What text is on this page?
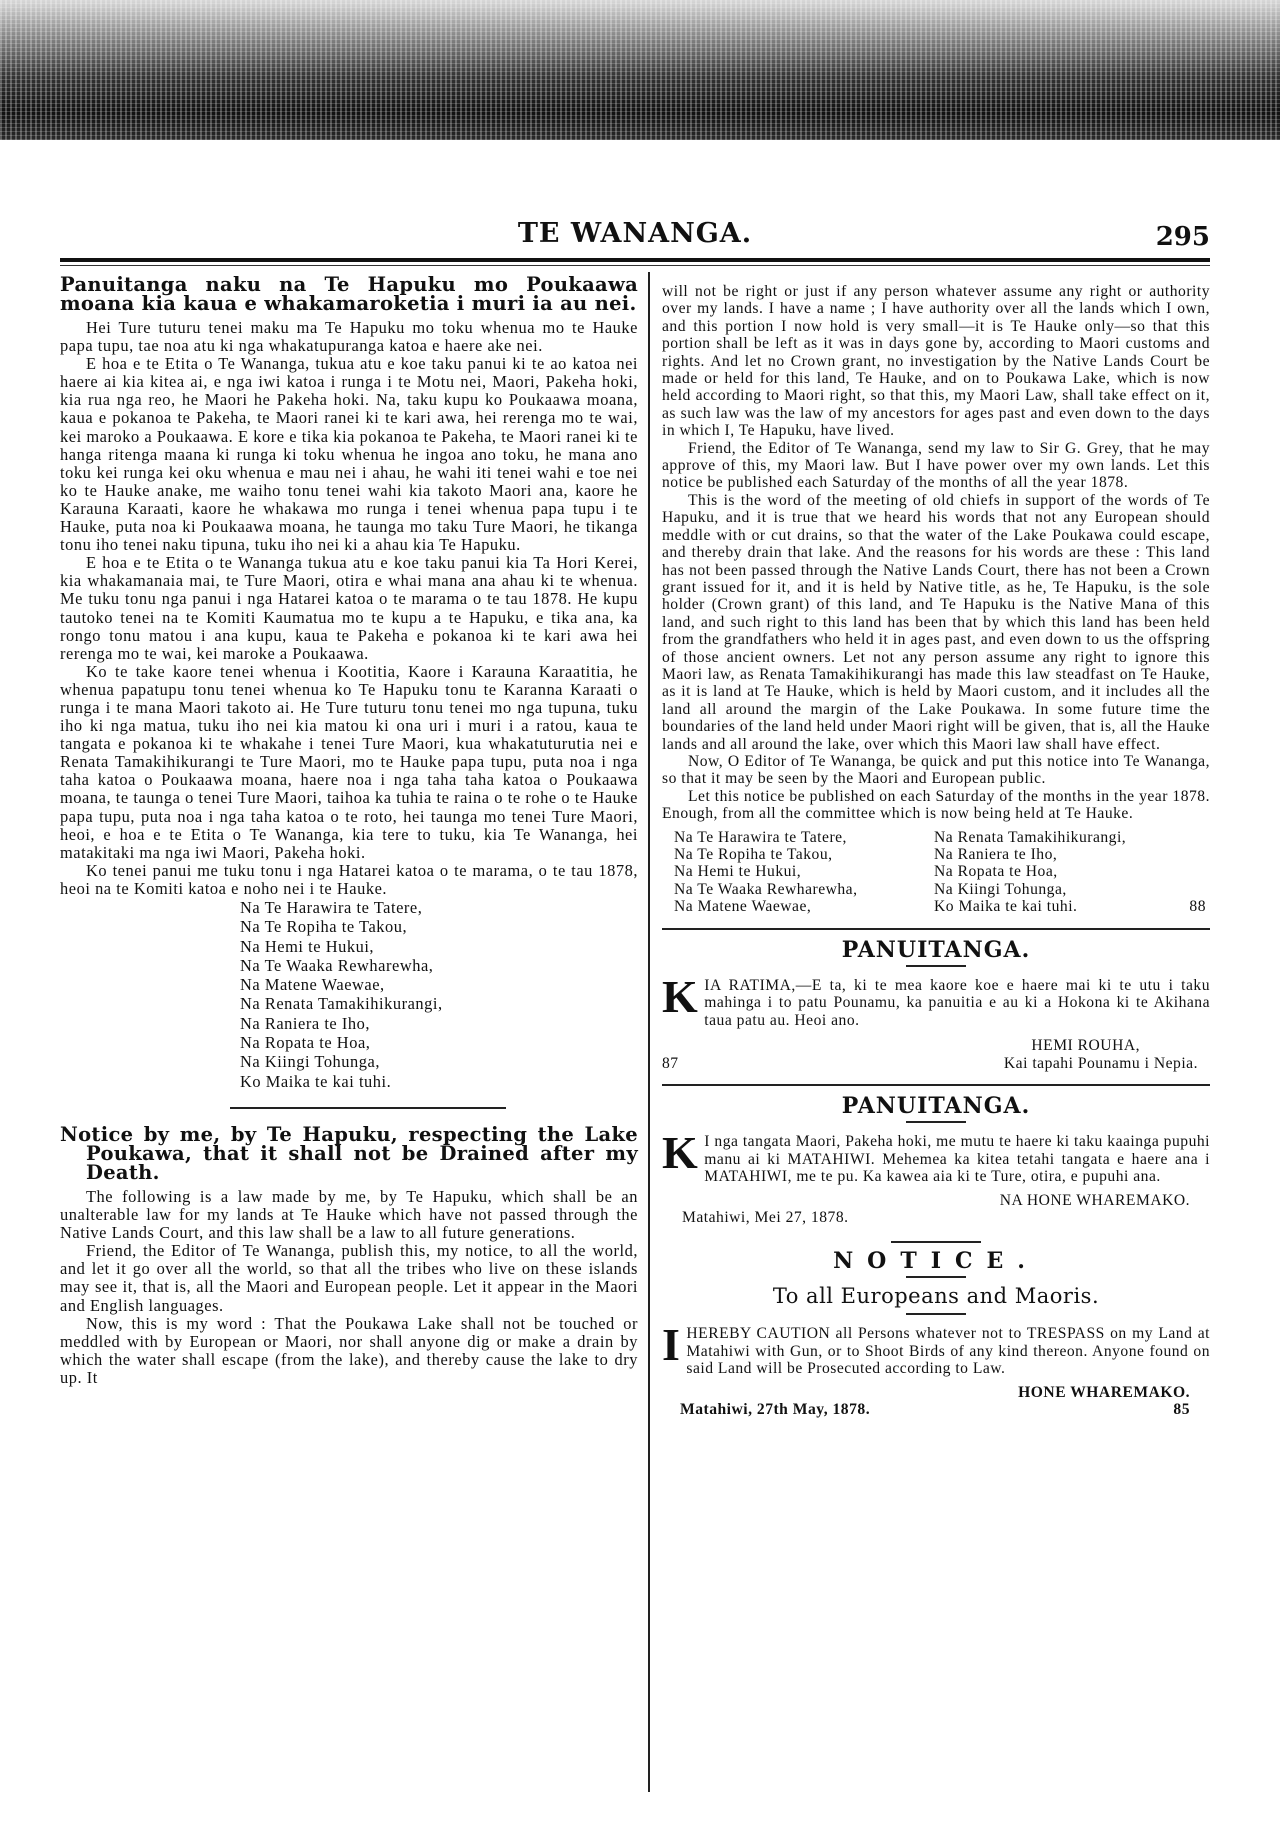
TE WANANGA.	295
Panuitanga naku na Te Hapuku mo Poukaawa moana kia kaua e whakamaroketia i muri ia au nei.

Hei Ture tuturu tenei maku ma Te Hapuku mo toku whenua mo te Hauke papa tupu, tae noa atu ki nga whakatupuranga katoa e haere ake nei.

E hoa e te Etita o Te Wananga, tukua atu e koe taku panui ki te ao katoa nei haere ai kia kitea ai, e nga iwi katoa i runga i te Motu nei, Maori, Pakeha hoki, kia rua nga reo, he Maori he Pakeha hoki. Na, taku kupu ko Poukaawa moana, kaua e pokanoa te Pakeha, te Maori ranei ki te kari awa, hei rerenga mo te wai, kei maroko a Poukaawa. E kore e tika kia pokanoa te Pakeha, te Maori ranei ki te hanga ritenga maana ki runga ki toku whenua he ingoa ano toku, he mana ano toku kei runga kei oku whenua e mau nei i ahau, he wahi iti tenei wahi e toe nei ko te Hauke anake, me waiho tonu tenei wahi kia takoto Maori ana, kaore he Karauna Karaati, kaore he whakawa mo runga i tenei whenua papa tupu i te Hauke, puta noa ki Poukaawa moana, he taunga mo taku Ture Maori, he tikanga tonu iho tenei naku tipuna, tuku iho nei ki a ahau kia Te Hapuku.

E hoa e te Etita o te Wananga tukua atu e koe taku panui kia Ta Hori Kerei, kia whakamanaia mai, te Ture Maori, otira e whai mana ana ahau ki te whenua. Me tuku tonu nga panui i nga Hatarei katoa o te marama o te tau 1878. He kupu tautoko tenei na te Komiti Kaumatua mo te kupu a te Hapuku, e tika ana, ka rongo tonu matou i ana kupu, kaua te Pakeha e pokanoa ki te kari awa hei rerenga mo te wai, kei maroke a Poukaawa.

Ko te take kaore tenei whenua i Kootitia, Kaore i Karauna Karaatitia, he whenua papatupu tonu tenei whenua ko Te Hapuku tonu te Karanna Karaati o runga i te mana Maori takoto ai. He Ture tuturu tonu tenei mo nga tupuna, tuku iho ki nga matua, tuku iho nei kia matou ki ona uri i muri i a ratou, kaua te tangata e pokanoa ki te whakahe i tenei Ture Maori, kua whakatuturutia nei e Renata Tamakihikurangi te Ture Maori, mo te Hauke papa tupu, puta noa i nga taha katoa o Poukaawa moana, haere noa i nga taha taha katoa o Poukaawa moana, te taunga o tenei Ture Maori, taihoa ka tuhia te raina o te rohe o te Hauke papa tupu, puta noa i nga taha katoa o te roto, hei taunga mo tenei Ture Maori, heoi, e hoa e te Etita o Te Wananga, kia tere to tuku, kia Te Wananga, hei matakitaki ma nga iwi Maori, Pakeha hoki.

Ko tenei panui me tuku tonu i nga Hatarei katoa o te marama, o te tau 1878, heoi na te Komiti katoa e noho nei i te Hauke.

Na Te Harawira te Tatere,
Na Te Ropiha te Takou,
Na Hemi te Hukui,
Na Te Waaka Rewharewha,
Na Matene Waewae,
Na Renata Tamakihikurangi,
Na Raniera te Iho,
Na Ropata te Hoa,
Na Kiingi Tohunga,
Ko Maika te kai tuhi.
Notice by me, by Te Hapuku, respecting the Lake Poukawa, that it shall not be Drained after my Death.

The following is a law made by me, by Te Hapuku, which shall be an unalterable law for my lands at Te Hauke which have not passed through the Native Lands Court, and this law shall be a law to all future generations.

Friend, the Editor of Te Wananga, publish this, my notice, to all the world, and let it go over all the world, so that all the tribes who live on these islands may see it, that is, all the Maori and European people. Let it appear in the Maori and English languages.

Now, this is my word : That the Poukawa Lake shall not be touched or meddled with by European or Maori, nor shall anyone dig or make a drain by which the water shall escape (from the lake), and thereby cause the lake to dry up. It

will not be right or just if any person whatever assume any right or authority over my lands. I have a name ; I have authority over all the lands which I own, and this portion I now hold is very small—it is Te Hauke only—so that this portion shall be left as it was in days gone by, according to Maori customs and rights. And let no Crown grant, no investigation by the Native Lands Court be made or held for this land, Te Hauke, and on to Poukawa Lake, which is now held according to Maori right, so that this, my Maori Law, shall take effect on it, as such law was the law of my ancestors for ages past and even down to the days in which I, Te Hapuku, have lived.

Friend, the Editor of Te Wananga, send my law to Sir G. Grey, that he may approve of this, my Maori law. But I have power over my own lands. Let this notice be published each Saturday of the months of all the year 1878.

This is the word of the meeting of old chiefs in support of the words of Te Hapuku, and it is true that we heard his words that not any European should meddle with or cut drains, so that the water of the Lake Poukawa could escape, and thereby drain that lake. And the reasons for his words are these : This land has not been passed through the Native Lands Court, there has not been a Crown grant issued for it, and it is held by Native title, as he, Te Hapuku, is the sole holder (Crown grant) of this land, and Te Hapuku is the Native Mana of this land, and such right to this land has been that by which this land has been held from the grandfathers who held it in ages past, and even down to us the offspring of those ancient owners. Let not any person assume any right to ignore this Maori law, as Renata Tamakihikurangi has made this law steadfast on Te Hauke, as it is land at Te Hauke, which is held by Maori custom, and it includes all the land all around the margin of the Lake Poukawa. In some future time the boundaries of the land held under Maori right will be given, that is, all the Hauke lands and all around the lake, over which this Maori law shall have effect.

Now, O Editor of Te Wananga, be quick and put this notice into Te Wananga, so that it may be seen by the Maori and European public.

Let this notice be published on each Saturday of the months in the year 1878. Enough, from all the committee which is now being held at Te Hauke.

Na Te Harawira te Tatere,
Na Te Ropiha te Takou,
Na Hemi te Hukui,
Na Te Waaka Rewharewha,
Na Matene Waewae,
Na Renata Tamakihikurangi,
Na Raniera te Iho,
Na Ropata te Hoa,
Na Kiingi Tohunga,
Ko Maika te kai tuhi.	88
PANUITANGA.

KIA RATIMA,—E ta, ki te mea kaore koe e haere mai ki te utu i taku mahinga i to patu Pounamu, ka panuitia e au ki a Hokona ki te Akihana taua patu au. Heoi ano.

HEMI ROUHA,
87	Kai tapahi Pounamu i Nepia.
PANUITANGA.

K I nga tangata Maori, Pakeha hoki, me mutu te haere ki taku kaainga pupuhi manu ai ki MATAHIWI. Mehemea ka kitea tetahi tangata e haere ana i MATAHIWI, me te pu. Ka kawea aia ki te Ture, otira, e pupuhi ana.

NA HONE WHAREMAKO.
Matahiwi, Mei 27, 1878.
NOTICE.
To all Europeans and Maoris.

IHEREBY CAUTION all Persons whatever not to TRESPASS on my Land at Matahiwi with Gun, or to Shoot Birds of any kind thereon. Anyone found on said Land will be Prosecuted according to Law.

HONE WHAREMAKO.
Matahiwi, 27th May, 1878.	85
